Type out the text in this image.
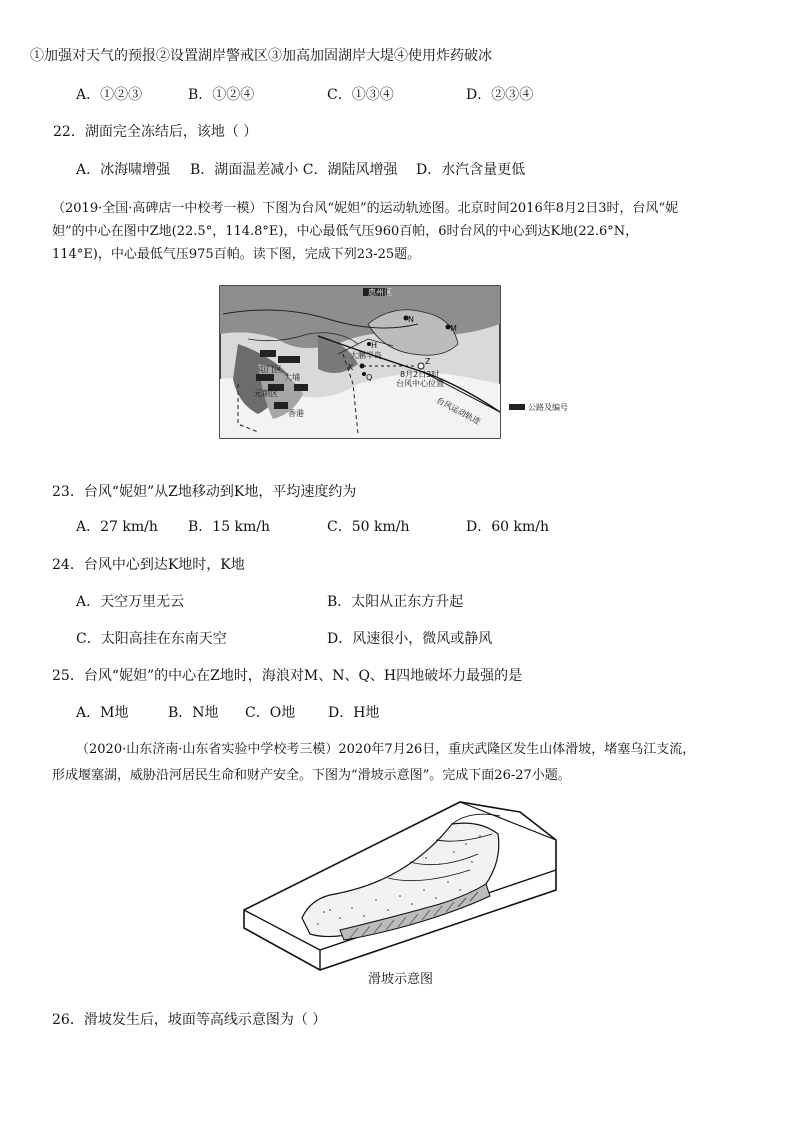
①加强对天气的预报②设置湖岸警戒区③加高加固湖岸大堤④使用炸药破冰
A．①②③	B．①②④	C．①③④	D．②③④
22．湖面完全冻结后，该地（ ）
A．冰海啸增强 B．湖面温差减小 C．湖陆风增强 D．水汽含量更低
（2019·全国·高碑店一中校考一模）下图为台风“妮妲”的运动轨迹图。北京时间2016年8月2日3时，台风“妮
妲”的中心在图中Z地(22.5°，114.8°E)，中心最低气压960百帕，6时台风的中心到达K地(22.6°N，
114°E)，中心最低气压975百帕。读下图，完成下列23-25题。
N
M
H
K
Q
Z
大鹏半岛
8月2日3时
台风中心位置
台风运动轨迹
惠州区
屯门区
元朗区
大埔
香港
公路及编号
23．台风“妮妲”从Z地移动到K地，平均速度约为
A．27 km/h B．15 km/h	C．50 km/h	D．60 km/h
24．台风中心到达K地时，K地
A．天空万里无云	B．太阳从正东方升起
C．太阳高挂在东南天空	D．风速很小，微风或静风
25．台风“妮妲”的中心在Z地时，海浪对M、N、Q、H四地破坏力最强的是
A．M地	B．N地 C．O地 D．H地
（2020·山东济南·山东省实验中学校考三模）2020年7月26日，重庆武隆区发生山体滑坡，堵塞乌江支流，
形成堰塞湖，威胁沿河居民生命和财产安全。下图为“滑坡示意图”。完成下面26-27小题。
滑坡示意图
26．滑坡发生后，坡面等高线示意图为（ ）
